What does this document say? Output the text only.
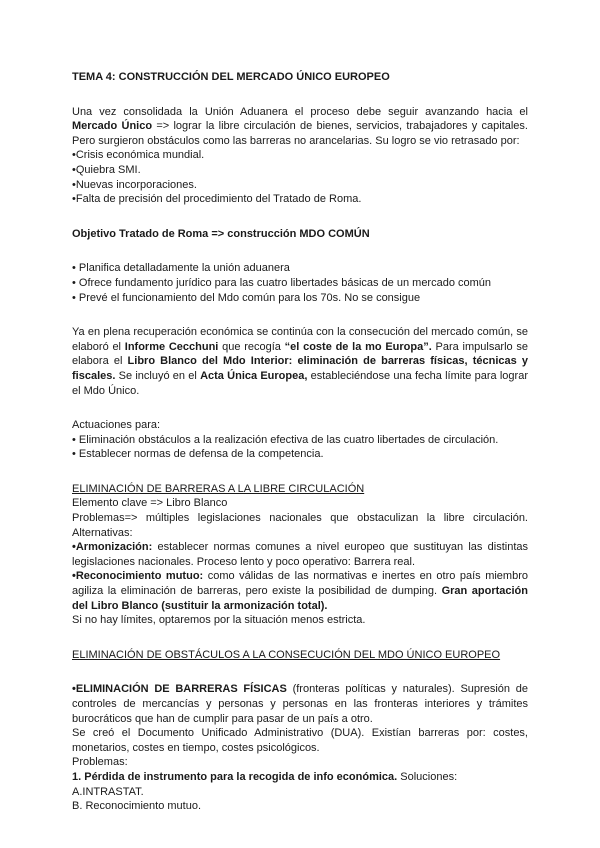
TEMA 4: CONSTRUCCIÓN DEL MERCADO ÚNICO EUROPEO

Una vez consolidada la Unión Aduanera el proceso debe seguir avanzando hacia el Mercado Único => lograr la libre circulación de bienes, servicios, trabajadores y capitales. Pero surgieron obstáculos como las barreras no arancelarias. Su logro se vio retrasado por:

•Crisis económica mundial.

•Quiebra SMI.

•Nuevas incorporaciones.

•Falta de precisión del procedimiento del Tratado de Roma.

Objetivo Tratado de Roma => construcción MDO COMÚN

• Planifica detalladamente la unión aduanera

• Ofrece fundamento jurídico para las cuatro libertades básicas de un mercado común

• Prevé el funcionamiento del Mdo común para los 70s. No se consigue

Ya en plena recuperación económica se continúa con la consecución del mercado común, se elaboró el Informe Cecchuni que recogía “el coste de la mo Europa”. Para impulsarlo se elabora el Libro Blanco del Mdo Interior: eliminación de barreras físicas, técnicas y fiscales. Se incluyó en el Acta Única Europea, estableciéndose una fecha límite para lograr el Mdo Único.

Actuaciones para:

• Eliminación obstáculos a la realización efectiva de las cuatro libertades de circulación.

• Establecer normas de defensa de la competencia.

ELIMINACIÓN DE BARRERAS A LA LIBRE CIRCULACIÓN

Elemento clave => Libro Blanco

Problemas=> múltiples legislaciones nacionales que obstaculizan la libre circulación. Alternativas:

•Armonización: establecer normas comunes a nivel europeo que sustituyan las distintas legislaciones nacionales. Proceso lento y poco operativo: Barrera real.

•Reconocimiento mutuo: como válidas de las normativas e inertes en otro país miembro agiliza la eliminación de barreras, pero existe la posibilidad de dumping. Gran aportación del Libro Blanco (sustituir la armonización total).

Si no hay límites, optaremos por la situación menos estricta.

ELIMINACIÓN DE OBSTÁCULOS A LA CONSECUCIÓN DEL MDO ÚNICO EUROPEO

•ELIMINACIÓN DE BARRERAS FÍSICAS (fronteras políticas y naturales). Supresión de controles de mercancías y personas y personas en las fronteras interiores y trámites burocráticos que han de cumplir para pasar de un país a otro.

Se creó el Documento Unificado Administrativo (DUA). Existían barreras por: costes, monetarios, costes en tiempo, costes psicológicos.

Problemas:

1. Pérdida de instrumento para la recogida de info económica. Soluciones:

A.INTRASTAT.

B. Reconocimiento mutuo.
